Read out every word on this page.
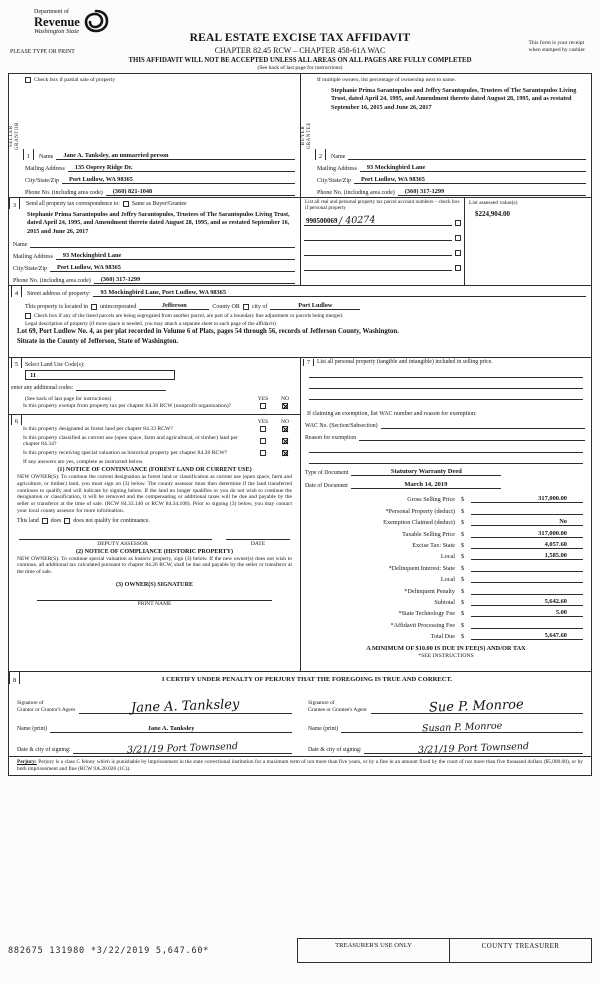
Department of
Revenue
Washington State
REAL ESTATE EXCISE TAX AFFIDAVIT
CHAPTER 82.45 RCW – CHAPTER 458-61A WAC
This form is your receipt
when stamped by cashier.
PLEASE TYPE OR PRINT
THIS AFFIDAVIT WILL NOT BE ACCEPTED UNLESS ALL AREAS ON ALL PAGES ARE FULLY COMPLETED
(See back of last page for instructions)
SELLER GRANTOR
Check box if partial sale of property
1	Name	Jane A. Tanksley, an unmarried person
Mailing Address	135 Osprey Ridge Dr.
City/State/Zip	Port Ludlow, WA 98365
Phone No. (including area code)	(360) 821-1048
BUYER GRANTEE
If multiple owners, list percentage of ownership next to name.
Stephanie Prima Sarantopulos and Jeffry Sarantopulos, Trustees of The Sarantopulos Living Trust, dated April 24, 1995, and Amendment thereto dated August 28, 1995, and as restated September 16, 2015 and June 26, 2017
2	Name
Mailing Address	93 Mockingbird Lane
City/State/Zip	Port Ludlow, WA 98365
Phone No. (including area code)	(360) 317-1299
3	Send all property tax correspondence to: Same as Buyer/Grantee
Stephanie Prima Sarantopulos and Jeffry Sarantopulos, Trustees of The Sarantopulos Living Trust, dated April 24, 1995, and Amendment thereto dated August 28, 1995, and as restated September 16, 2015 and June 26, 2017
Name
Mailing Address	93 Mockingbird Lane
City/State/Zip	Port Ludlow, WA 98365
Phone No. (including area code)	(360) 317-1299
List all real and personal property tax parcel account numbers – check box if personal property
990500069 / 40274
List assessed value(s)
$224,904.00
4	Street address of property:	93 Mockingbird Lane, Port Ludlow, WA 98365
This property is located in unincorporated	Jefferson	County OR city of	Port Ludlow
Check box if any of the listed parcels are being segregated from another parcel, are part of a boundary line adjustment or parcels being merged.
Legal description of property (if more space is needed, you may attach a separate sheet to each page of the affidavit)
Lot 69, Port Ludlow No. 4, as per plat recorded in Volume 6 of Plats, pages 54 through 56, records of Jefferson County, Washington.
Situate in the County of Jefferson, State of Washington.
5	Select Land Use Code(s):
11
enter any additional codes:
(See back of last page for instructions)	YES	NO
Is this property exempt from property tax per chapter 84.36 RCW (nonprofit organization)?
6	YES	NO
Is this property designated as forest land per chapter 84.33 RCW?
Is this property classified as current use (open space, farm and agricultural, or timber) land per chapter 84.34?
Is this property receiving special valuation as historical property per chapter 84.26 RCW?
If any answers are yes, complete as instructed below.
(1) NOTICE OF CONTINUANCE (FOREST LAND OR CURRENT USE)
NEW OWNER(S): To continue the current designation as forest land or classification as current use (open space, farm and agriculture, or timber) land, you must sign on (3) below. The county assessor must then determine if the land transferred continues to qualify and will indicate by signing below. If the land no longer qualifies or you do not wish to continue the designation or classification, it will be removed and the compensating or additional taxes will be due and payable by the seller or transferor at the time of sale. (RCW 84.33.140 or RCW 84.34.108). Prior to signing (3) below, you may contact your local county assessor for more information.
This land does does not qualify for continuance.
DEPUTY ASSESSOR	DATE
(2) NOTICE OF COMPLIANCE (HISTORIC PROPERTY)
NEW OWNER(S): To continue special valuation as historic property, sign (3) below. If the new owner(s) does not wish to continue, all additional tax calculated pursuant to chapter 84.26 RCW, shall be due and payable by the seller or transferor at the time of sale.
(3) OWNER(S) SIGNATURE
PRINT NAME
7	List all personal property (tangible and intangible) included in selling price.
If claiming an exemption, list WAC number and reason for exemption:
WAC No. (Section/Subsection)
Reason for exemption
Type of Document	Statutory Warranty Deed
Date of Document	March 14, 2019
Gross Selling Price $	317,000.00
*Personal Property (deduct) $
Exemption Claimed (deduct) $	No
Taxable Selling Price $	317,000.00
Excise Tax: State $	4,057.60
Local $	1,585.00
*Delinquent Interest: State $
Local $
*Delinquent Penalty $
Subtotal $	5,642.60
*State Technology Fee $	5.00
*Affidavit Processing Fee $
Total Due $	5,647.60
A MINIMUM OF $10.00 IS DUE IN FEE(S) AND/OR TAX
*SEE INSTRUCTIONS
8	I CERTIFY UNDER PENALTY OF PERJURY THAT THE FOREGOING IS TRUE AND CORRECT.
Signature of
Grantor or Grantor's Agent	Jane A. Tanksley	Signature of
Grantee or Grantee's Agent	Sue P. Monroe
Name (print)	Jane A. Tanksley	Name (print)	Susan P. Monroe
Date & city of signing:	3/21/19 Port Townsend	Date & city of signing:	3/21/19 Port Townsend
Perjury: Perjury is a class C felony which is punishable by imprisonment in the state correctional institution for a maximum term of not more than five years, or by a fine in an amount fixed by the court of not more than five thousand dollars ($5,000.00), or by both imprisonment and fine (RCW 9A.20.020 (1C)).
882675 131980 *3/22/2019 5,647.60*	TREASURER'S USE ONLY	COUNTY TREASURER
